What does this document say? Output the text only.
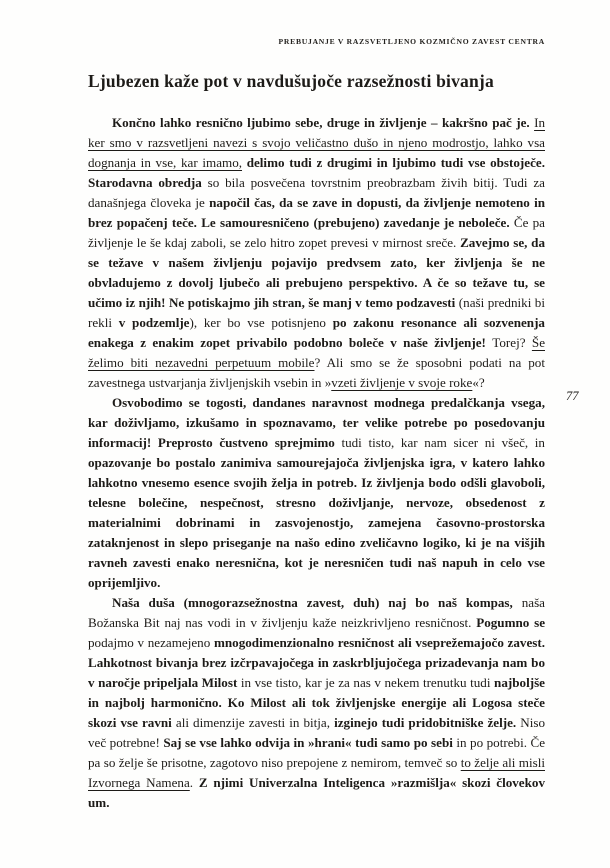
PREBUJANJE V RAZSVETLJENO KOZMIČNO ZAVEST CENTRA
Ljubezen kaže pot v navdušujoče razsežnosti bivanja

Končno lahko resnično ljubimo sebe, druge in življenje – kakršno pač je. In ker smo v razsvetljeni navezi s svojo veličastno dušo in njeno modrostjo, lahko vsa dognanja in vse, kar imamo, delimo tudi z drugimi in ljubimo tudi vse obstoječe. Starodavna obredja so bila posvečena tovrstnim preobrazbam živih bitij. Tudi za današnjega človeka je napočil čas, da se zave in dopusti, da življenje nemoteno in brez popačenj teče. Le samouresničeno (prebujeno) zavedanje je neboleče. Če pa življenje le še kdaj zaboli, se zelo hitro zopet prevesi v mirnost sreče. Zavejmo se, da se težave v našem življenju pojavijo predvsem zato, ker življenja še ne obvladujemo z dovolj ljubečo ali prebujeno perspektivo. A če so težave tu, se učimo iz njih! Ne potiskajmo jih stran, še manj v temo podzavesti (naši predniki bi rekli v podzemlje), ker bo vse potisnjeno po zakonu resonance ali sozvenenja enakega z enakim zopet privabilo podobno boleče v naše življenje! Torej? Še želimo biti nezavedni perpetuum mobile? Ali smo se že sposobni podati na pot zavestnega ustvarjanja življenjskih vsebin in »vzeti življenje v svoje roke«?

Osvobodimo se togosti, dandanes naravnost modnega predalčkanja vsega, kar doživljamo, izkušamo in spoznavamo, ter velike potrebe po posedovanju informacij! Preprosto čustveno sprejmimo tudi tisto, kar nam sicer ni všeč, in opazovanje bo postalo zanimiva samourejajoča življenjska igra, v katero lahko lahkotno vnesemo esence svojih želja in potreb. Iz življenja bodo odšli glavoboli, telesne bolečine, nespečnost, stresno doživljanje, nervoze, obsedenost z materialnimi dobrinami in zasvojenostjo, zamejena časovno-prostorska zataknjenost in slepo priseganje na našo edino zveličavno logiko, ki je na višjih ravneh zavesti enako neresnična, kot je neresničen tudi naš napuh in celo vse oprijemljivo.

Naša duša (mnogorazsežnostna zavest, duh) naj bo naš kompas, naša Božanska Bit naj nas vodi in v življenju kaže neizkrivljeno resničnost. Pogumno se podajmo v nezamejeno mnogodimenzionalno resničnost ali vseprežemajočo zavest. Lahkotnost bivanja brez izčrpavajočega in zaskrbljujočega prizadevanja nam bo v naročje pripeljala Milost in vse tisto, kar je za nas v nekem trenutku tudi najboljše in najbolj harmonično. Ko Milost ali tok življenjske energije ali Logosa steče skozi vse ravni ali dimenzije zavesti in bitja, izginejo tudi pridobitniške želje. Niso več potrebne! Saj se vse lahko odvija in »hrani« tudi samo po sebi in po potrebi. Če pa so želje še prisotne, zagotovo niso prepojene z nemirom, temveč so to želje ali misli Izvornega Namena. Z njimi Univerzalna Inteligenca »razmišlja« skozi človekov um.

77
